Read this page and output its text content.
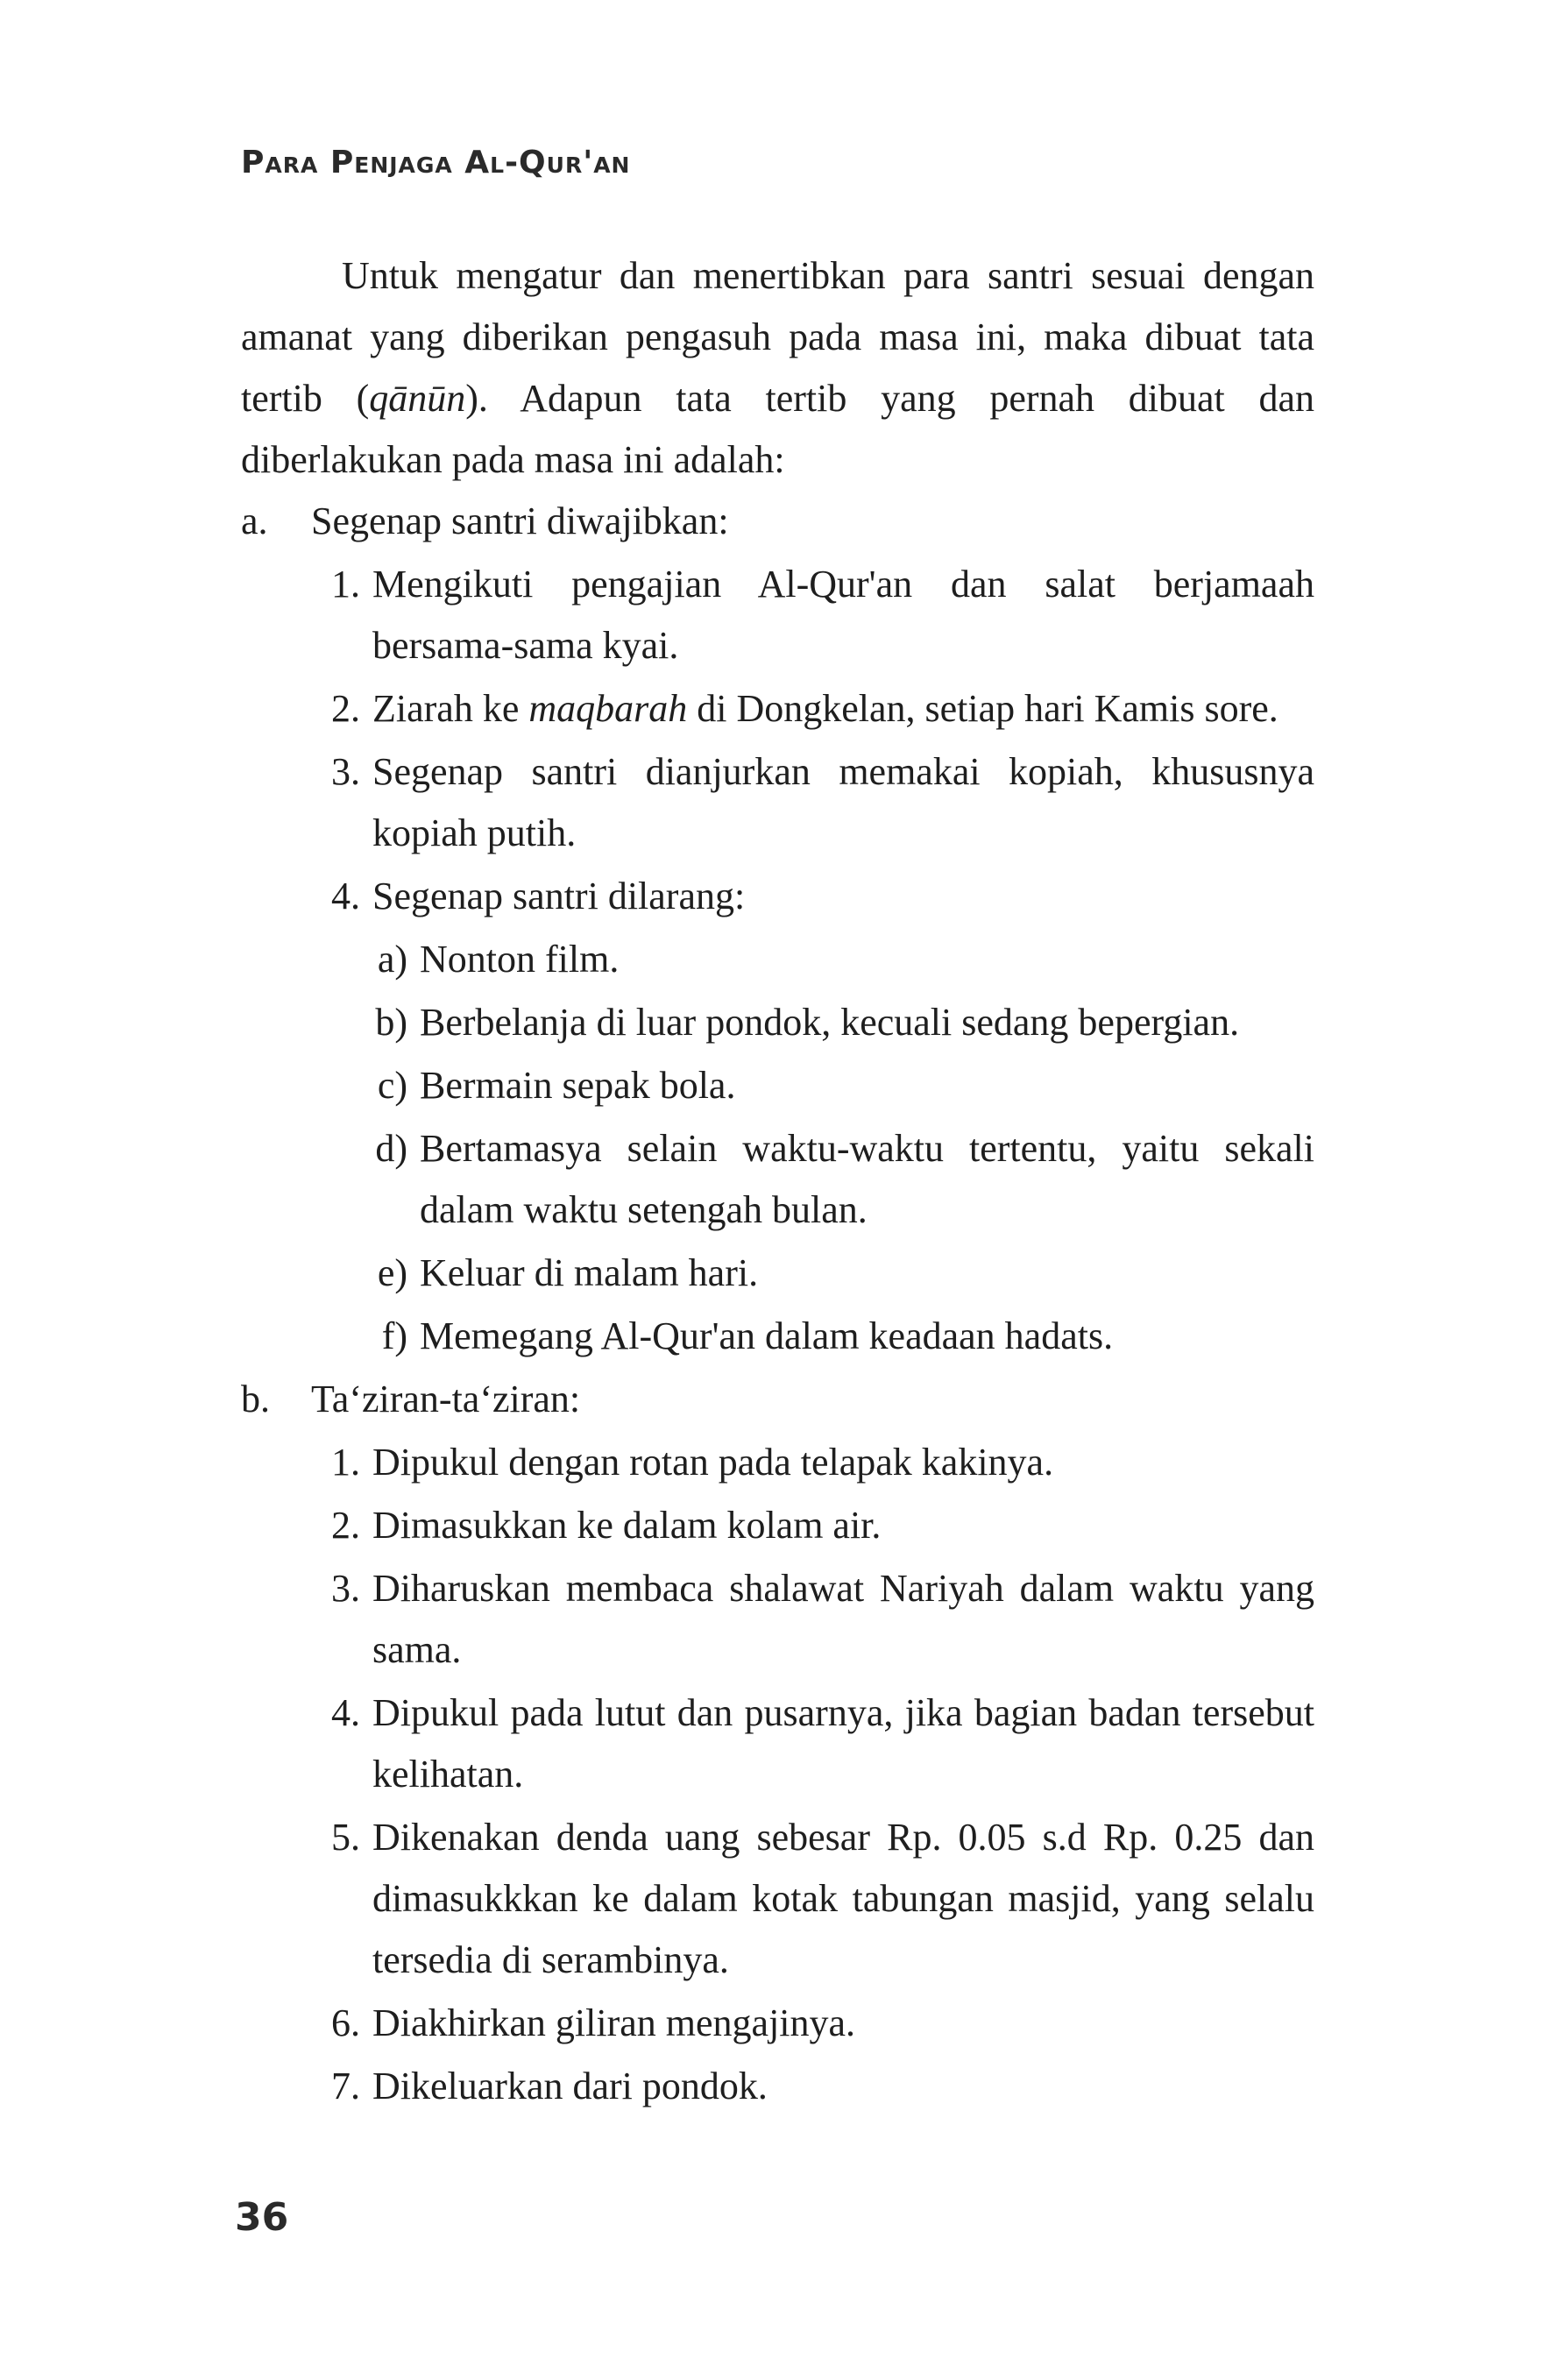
Para Penjaga Al-Qur'an

Untuk mengatur dan menertibkan para santri sesuai dengan amanat yang diberikan pengasuh pada masa ini, maka dibuat tata tertib (qānūn). Adapun tata tertib yang pernah dibuat dan diberlakukan pada masa ini adalah:

a.	Segenap santri diwajibkan:
1. Mengikuti pengajian Al-Qur'an dan salat berjamaah bersama-sama kyai.
2. Ziarah ke maqbarah di Dongkelan, setiap hari Kamis sore.
3. Segenap santri dianjurkan memakai kopiah, khususnya kopiah putih.
4. Segenap santri dilarang:
a) Nonton film.
b) Berbelanja di luar pondok, kecuali sedang bepergian.
c) Bermain sepak bola.
d) Bertamasya selain waktu-waktu tertentu, yaitu sekali dalam waktu setengah bulan.
e) Keluar di malam hari.
f) Memegang Al-Qur'an dalam keadaan hadats.
b.	Ta‘ziran-ta‘ziran:
1. Dipukul dengan rotan pada telapak kakinya.
2. Dimasukkan ke dalam kolam air.
3. Diharuskan membaca shalawat Nariyah dalam waktu yang sama.
4. Dipukul pada lutut dan pusarnya, jika bagian badan tersebut kelihatan.
5. Dikenakan denda uang sebesar Rp. 0.05 s.d Rp. 0.25 dan dimasukkkan ke dalam kotak tabungan masjid, yang selalu tersedia di serambinya.
6. Diakhirkan giliran mengajinya.
7. Dikeluarkan dari pondok.
36
